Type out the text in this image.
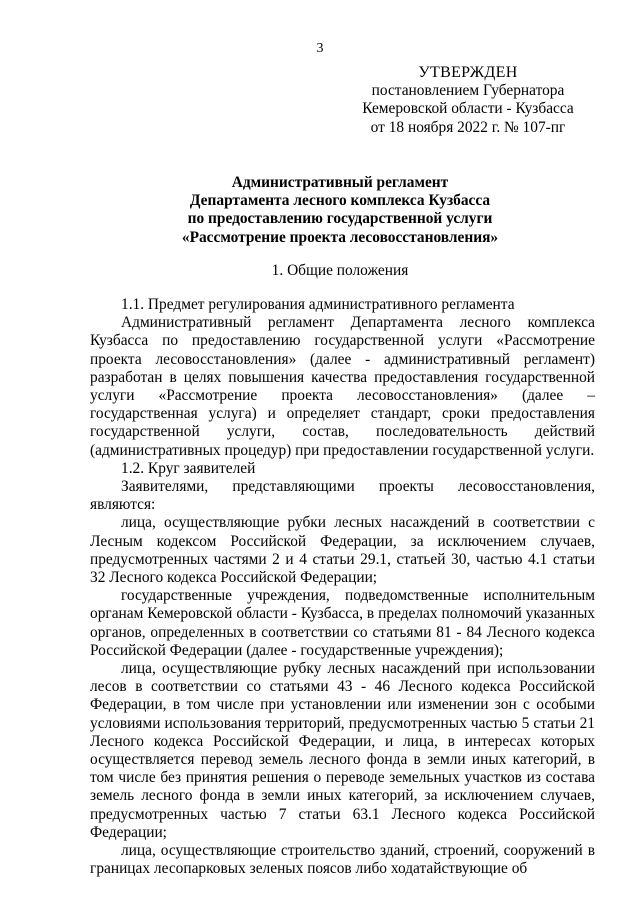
3
УТВЕРЖДЕН
постановлением Губернатора
Кемеровской области - Кузбасса
от 18 ноября 2022 г. № 107-пг
Административный регламент
Департамента лесного комплекса Кузбасса
по предоставлению государственной услуги
«Рассмотрение проекта лесовосстановления»
1. Общие положения

1.1. Предмет регулирования административного регламента

Административный регламент Департамента лесного комплекса Кузбасса по предоставлению государственной услуги «Рассмотрение проекта лесовосстановления» (далее - административный регламент) разработан в целях повышения качества предоставления государственной услуги «Рассмотрение проекта лесовосстановления» (далее – государственная услуга) и определяет стандарт, сроки предоставления государственной услуги, состав, последовательность действий (административных процедур) при предоставлении государственной услуги.

1.2. Круг заявителей

Заявителями, представляющими проекты лесовосстановления, являются:

лица, осуществляющие рубки лесных насаждений в соответствии с Лесным кодексом Российской Федерации, за исключением случаев, предусмотренных частями 2 и 4 статьи 29.1, статьей 30, частью 4.1 статьи 32 Лесного кодекса Российской Федерации;

государственные учреждения, подведомственные исполнительным органам Кемеровской области - Кузбасса, в пределах полномочий указанных органов, определенных в соответствии со статьями 81 - 84 Лесного кодекса Российской Федерации (далее - государственные учреждения);

лица, осуществляющие рубку лесных насаждений при использовании лесов в соответствии со статьями 43 - 46 Лесного кодекса Российской Федерации, в том числе при установлении или изменении зон с особыми условиями использования территорий, предусмотренных частью 5 статьи 21 Лесного кодекса Российской Федерации, и лица, в интересах которых осуществляется перевод земель лесного фонда в земли иных категорий, в том числе без принятия решения о переводе земельных участков из состава земель лесного фонда в земли иных категорий, за исключением случаев, предусмотренных частью 7 статьи 63.1 Лесного кодекса Российской Федерации;

лица, осуществляющие строительство зданий, строений, сооружений в границах лесопарковых зеленых поясов либо ходатайствующие об
